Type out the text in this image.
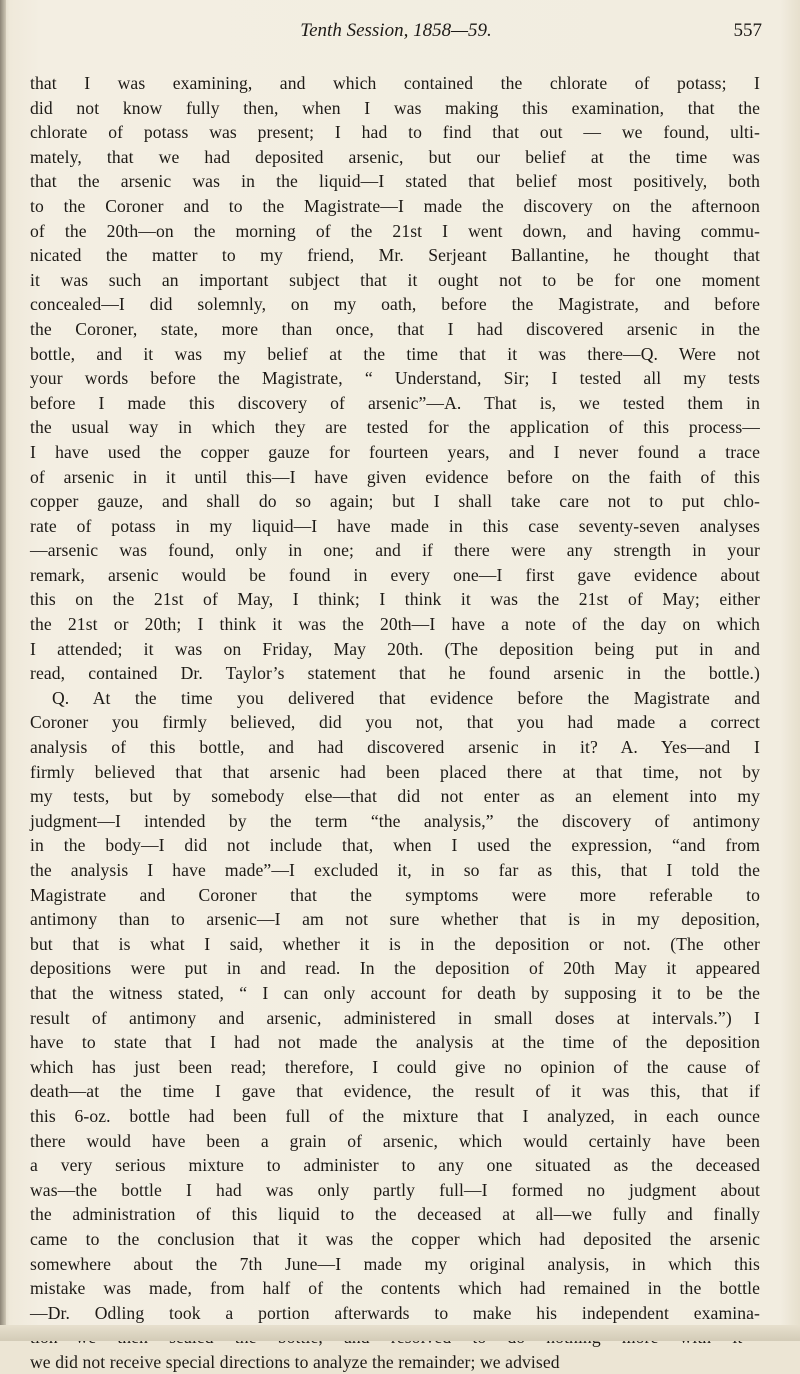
Tenth Session, 1858—59.	557
that I was examining, and which contained the chlorate of potass; I
did not know fully then, when I was making this examination, that the
chlorate of potass was present; I had to find that out — we found, ulti-
mately, that we had deposited arsenic, but our belief at the time was
that the arsenic was in the liquid—I stated that belief most positively, both
to the Coroner and to the Magistrate—I made the discovery on the afternoon
of the 20th—on the morning of the 21st I went down, and having commu-
nicated the matter to my friend, Mr. Serjeant Ballantine, he thought that
it was such an important subject that it ought not to be for one moment
concealed—I did solemnly, on my oath, before the Magistrate, and before
the Coroner, state, more than once, that I had discovered arsenic in the
bottle, and it was my belief at the time that it was there—Q. Were not
your words before the Magistrate, “ Understand, Sir; I tested all my tests
before I made this discovery of arsenic”—A. That is, we tested them in
the usual way in which they are tested for the application of this process—
I have used the copper gauze for fourteen years, and I never found a trace
of arsenic in it until this—I have given evidence before on the faith of this
copper gauze, and shall do so again; but I shall take care not to put chlo-
rate of potass in my liquid—I have made in this case seventy-seven analyses
—arsenic was found, only in one; and if there were any strength in your
remark, arsenic would be found in every one—I first gave evidence about
this on the 21st of May, I think; I think it was the 21st of May; either
the 21st or 20th; I think it was the 20th—I have a note of the day on which
I attended; it was on Friday, May 20th. (The deposition being put in and
read, contained Dr. Taylor’s statement that he found arsenic in the bottle.)
Q. At the time you delivered that evidence before the Magistrate and
Coroner you firmly believed, did you not, that you had made a correct
analysis of this bottle, and had discovered arsenic in it? A. Yes—and I
firmly believed that that arsenic had been placed there at that time, not by
my tests, but by somebody else—that did not enter as an element into my
judgment—I intended by the term “the analysis,” the discovery of antimony
in the body—I did not include that, when I used the expression, “and from
the analysis I have made”—I excluded it, in so far as this, that I told the
Magistrate and Coroner that the symptoms were more referable to
antimony than to arsenic—I am not sure whether that is in my deposition,
but that is what I said, whether it is in the deposition or not. (The other
depositions were put in and read. In the deposition of 20th May it appeared
that the witness stated, “ I can only account for death by supposing it to be the
result of antimony and arsenic, administered in small doses at intervals.”) I
have to state that I had not made the analysis at the time of the deposition
which has just been read; therefore, I could give no opinion of the cause of
death—at the time I gave that evidence, the result of it was this, that if
this 6-oz. bottle had been full of the mixture that I analyzed, in each ounce
there would have been a grain of arsenic, which would certainly have been
a very serious mixture to administer to any one situated as the deceased
was—the bottle I had was only partly full—I formed no judgment about
the administration of this liquid to the deceased at all—we fully and finally
came to the conclusion that it was the copper which had deposited the arsenic
somewhere about the 7th June—I made my original analysis, in which this
mistake was made, from half of the contents which had remained in the bottle
—Dr. Odling took a portion afterwards to make his independent examina-
we did not receive special directions to analyze the remainder; we advised
